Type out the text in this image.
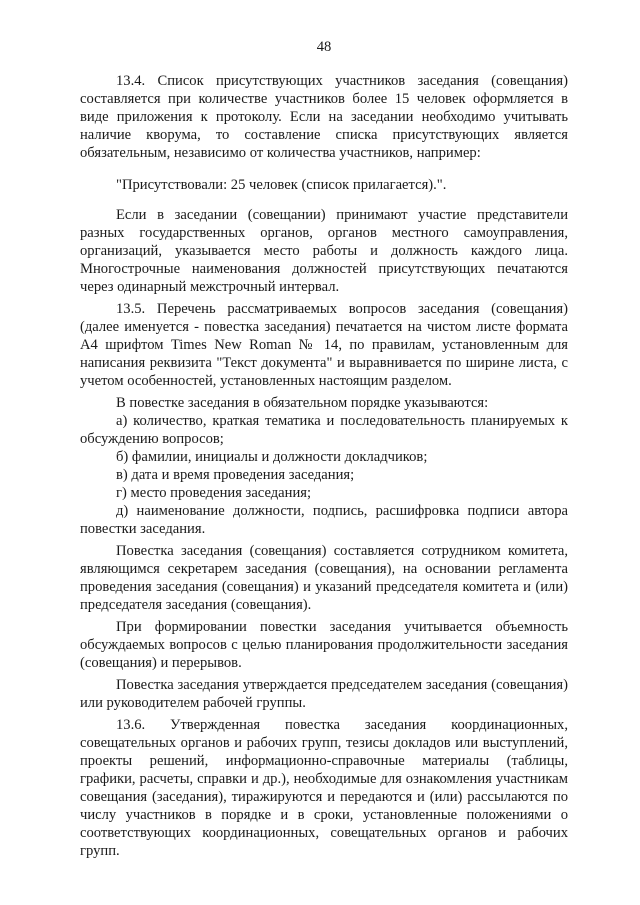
48

13.4. Список присутствующих участников заседания (совещания) составляется при количестве участников более 15 человек оформляется в виде приложения к протоколу. Если на заседании необходимо учитывать наличие кворума, то составление списка присутствующих является обязательным, независимо от количества участников, например:

"Присутствовали: 25 человек (список прилагается).".

Если в заседании (совещании) принимают участие представители разных государственных органов, органов местного самоуправления, организаций, указывается место работы и должность каждого лица. Многострочные наименования должностей присутствующих печатаются через одинарный межстрочный интервал.

13.5. Перечень рассматриваемых вопросов заседания (совещания) (далее именуется - повестка заседания) печатается на чистом листе формата А4 шрифтом Times New Roman № 14, по правилам, установленным для написания реквизита "Текст документа" и выравнивается по ширине листа, с учетом особенностей, установленных настоящим разделом.

В повестке заседания в обязательном порядке указываются:

а) количество, краткая тематика и последовательность планируемых к обсуждению вопросов;

б) фамилии, инициалы и должности докладчиков;

в) дата и время проведения заседания;

г) место проведения заседания;

д) наименование должности, подпись, расшифровка подписи автора повестки заседания.

Повестка заседания (совещания) составляется сотрудником комитета, являющимся секретарем заседания (совещания), на основании регламента проведения заседания (совещания) и указаний председателя комитета и (или) председателя заседания (совещания).

При формировании повестки заседания учитывается объемность обсуждаемых вопросов с целью планирования продолжительности заседания (совещания) и перерывов.

Повестка заседания утверждается председателем заседания (совещания) или руководителем рабочей группы.

13.6. Утвержденная повестка заседания координационных, совещательных органов и рабочих групп, тезисы докладов или выступлений, проекты решений, информационно-справочные материалы (таблицы, графики, расчеты, справки и др.), необходимые для ознакомления участникам совещания (заседания), тиражируются и передаются и (или) рассылаются по числу участников в порядке и в сроки, установленные положениями о соответствующих координационных, совещательных органов и рабочих групп.
